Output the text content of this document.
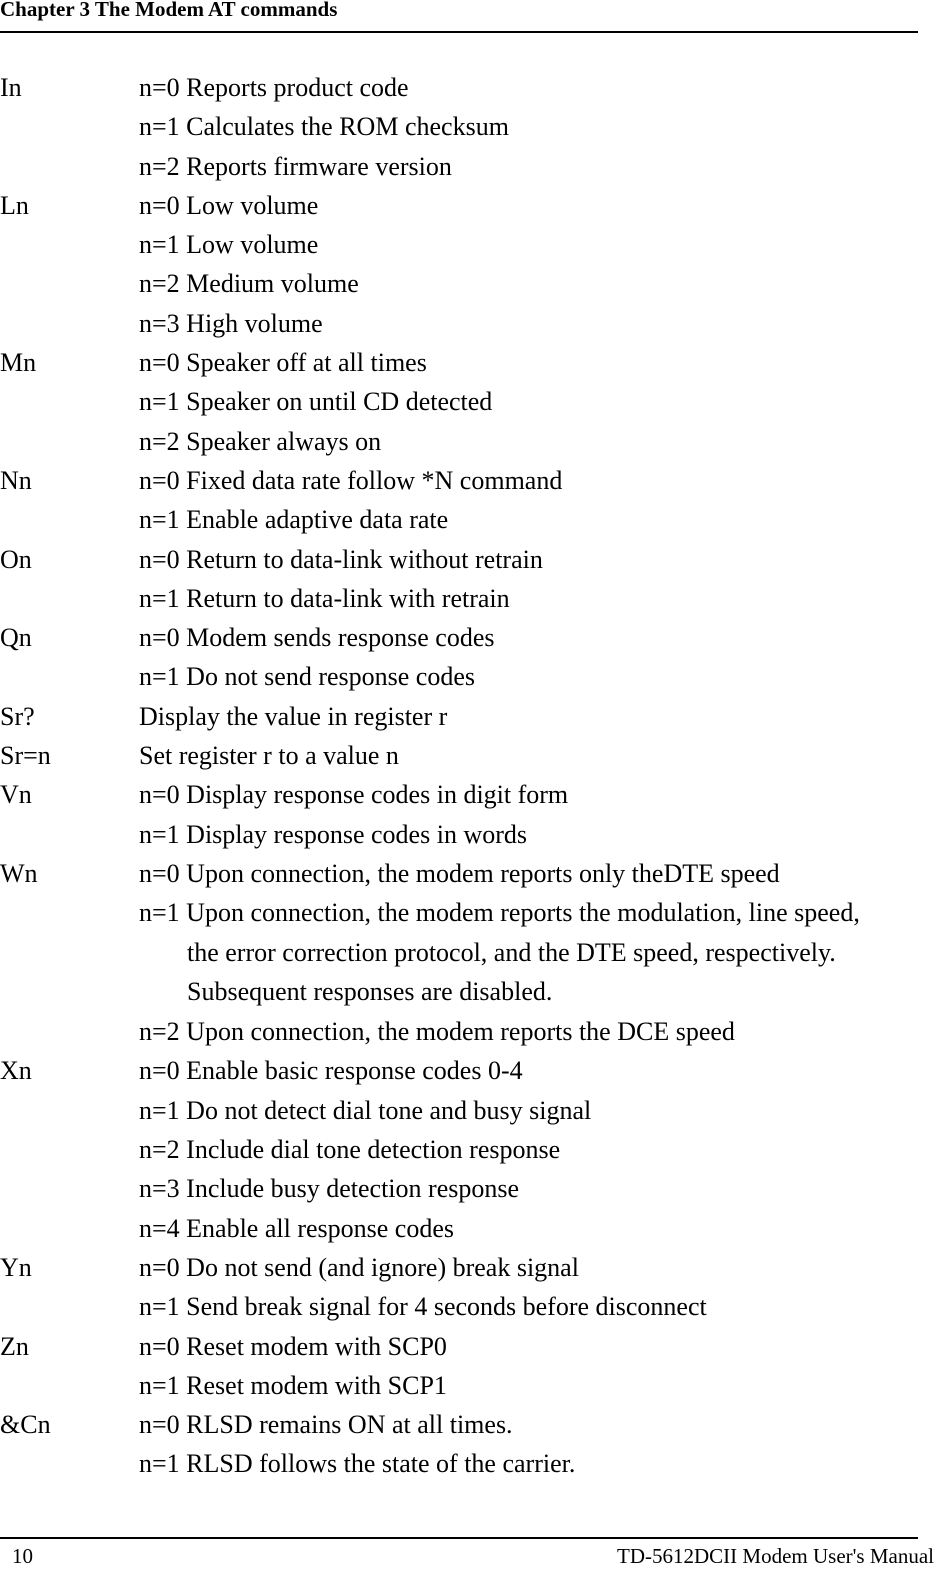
Chapter 3 The Modem AT commands
In	n=0 Reports product code
n=1 Calculates the ROM checksum
n=2 Reports firmware version
Ln	n=0 Low volume
n=1 Low volume
n=2 Medium volume
n=3 High volume
Mn	n=0 Speaker off at all times
n=1 Speaker on until CD detected
n=2 Speaker always on
Nn	n=0 Fixed data rate follow *N command
n=1 Enable adaptive data rate
On	n=0 Return to data-link without retrain
n=1 Return to data-link with retrain
Qn	n=0 Modem sends response codes
n=1 Do not send response codes
Sr?	Display the value in register r
Sr=n	Set register r to a value n
Vn	n=0 Display response codes in digit form
n=1 Display response codes in words
Wn	n=0 Upon connection, the modem reports only theDTE speed
n=1 Upon connection, the modem reports the modulation, line speed,
the error correction protocol, and the DTE speed, respectively.
Subsequent responses are disabled.
n=2 Upon connection, the modem reports the DCE speed
Xn	n=0 Enable basic response codes 0-4
n=1 Do not detect dial tone and busy signal
n=2 Include dial tone detection response
n=3 Include busy detection response
n=4 Enable all response codes
Yn	n=0 Do not send (and ignore) break signal
n=1 Send break signal for 4 seconds before disconnect
Zn	n=0 Reset modem with SCP0
n=1 Reset modem with SCP1
&Cn	n=0 RLSD remains ON at all times.
n=1 RLSD follows the state of the carrier.
10	TD-5612DCII Modem User's Manual
